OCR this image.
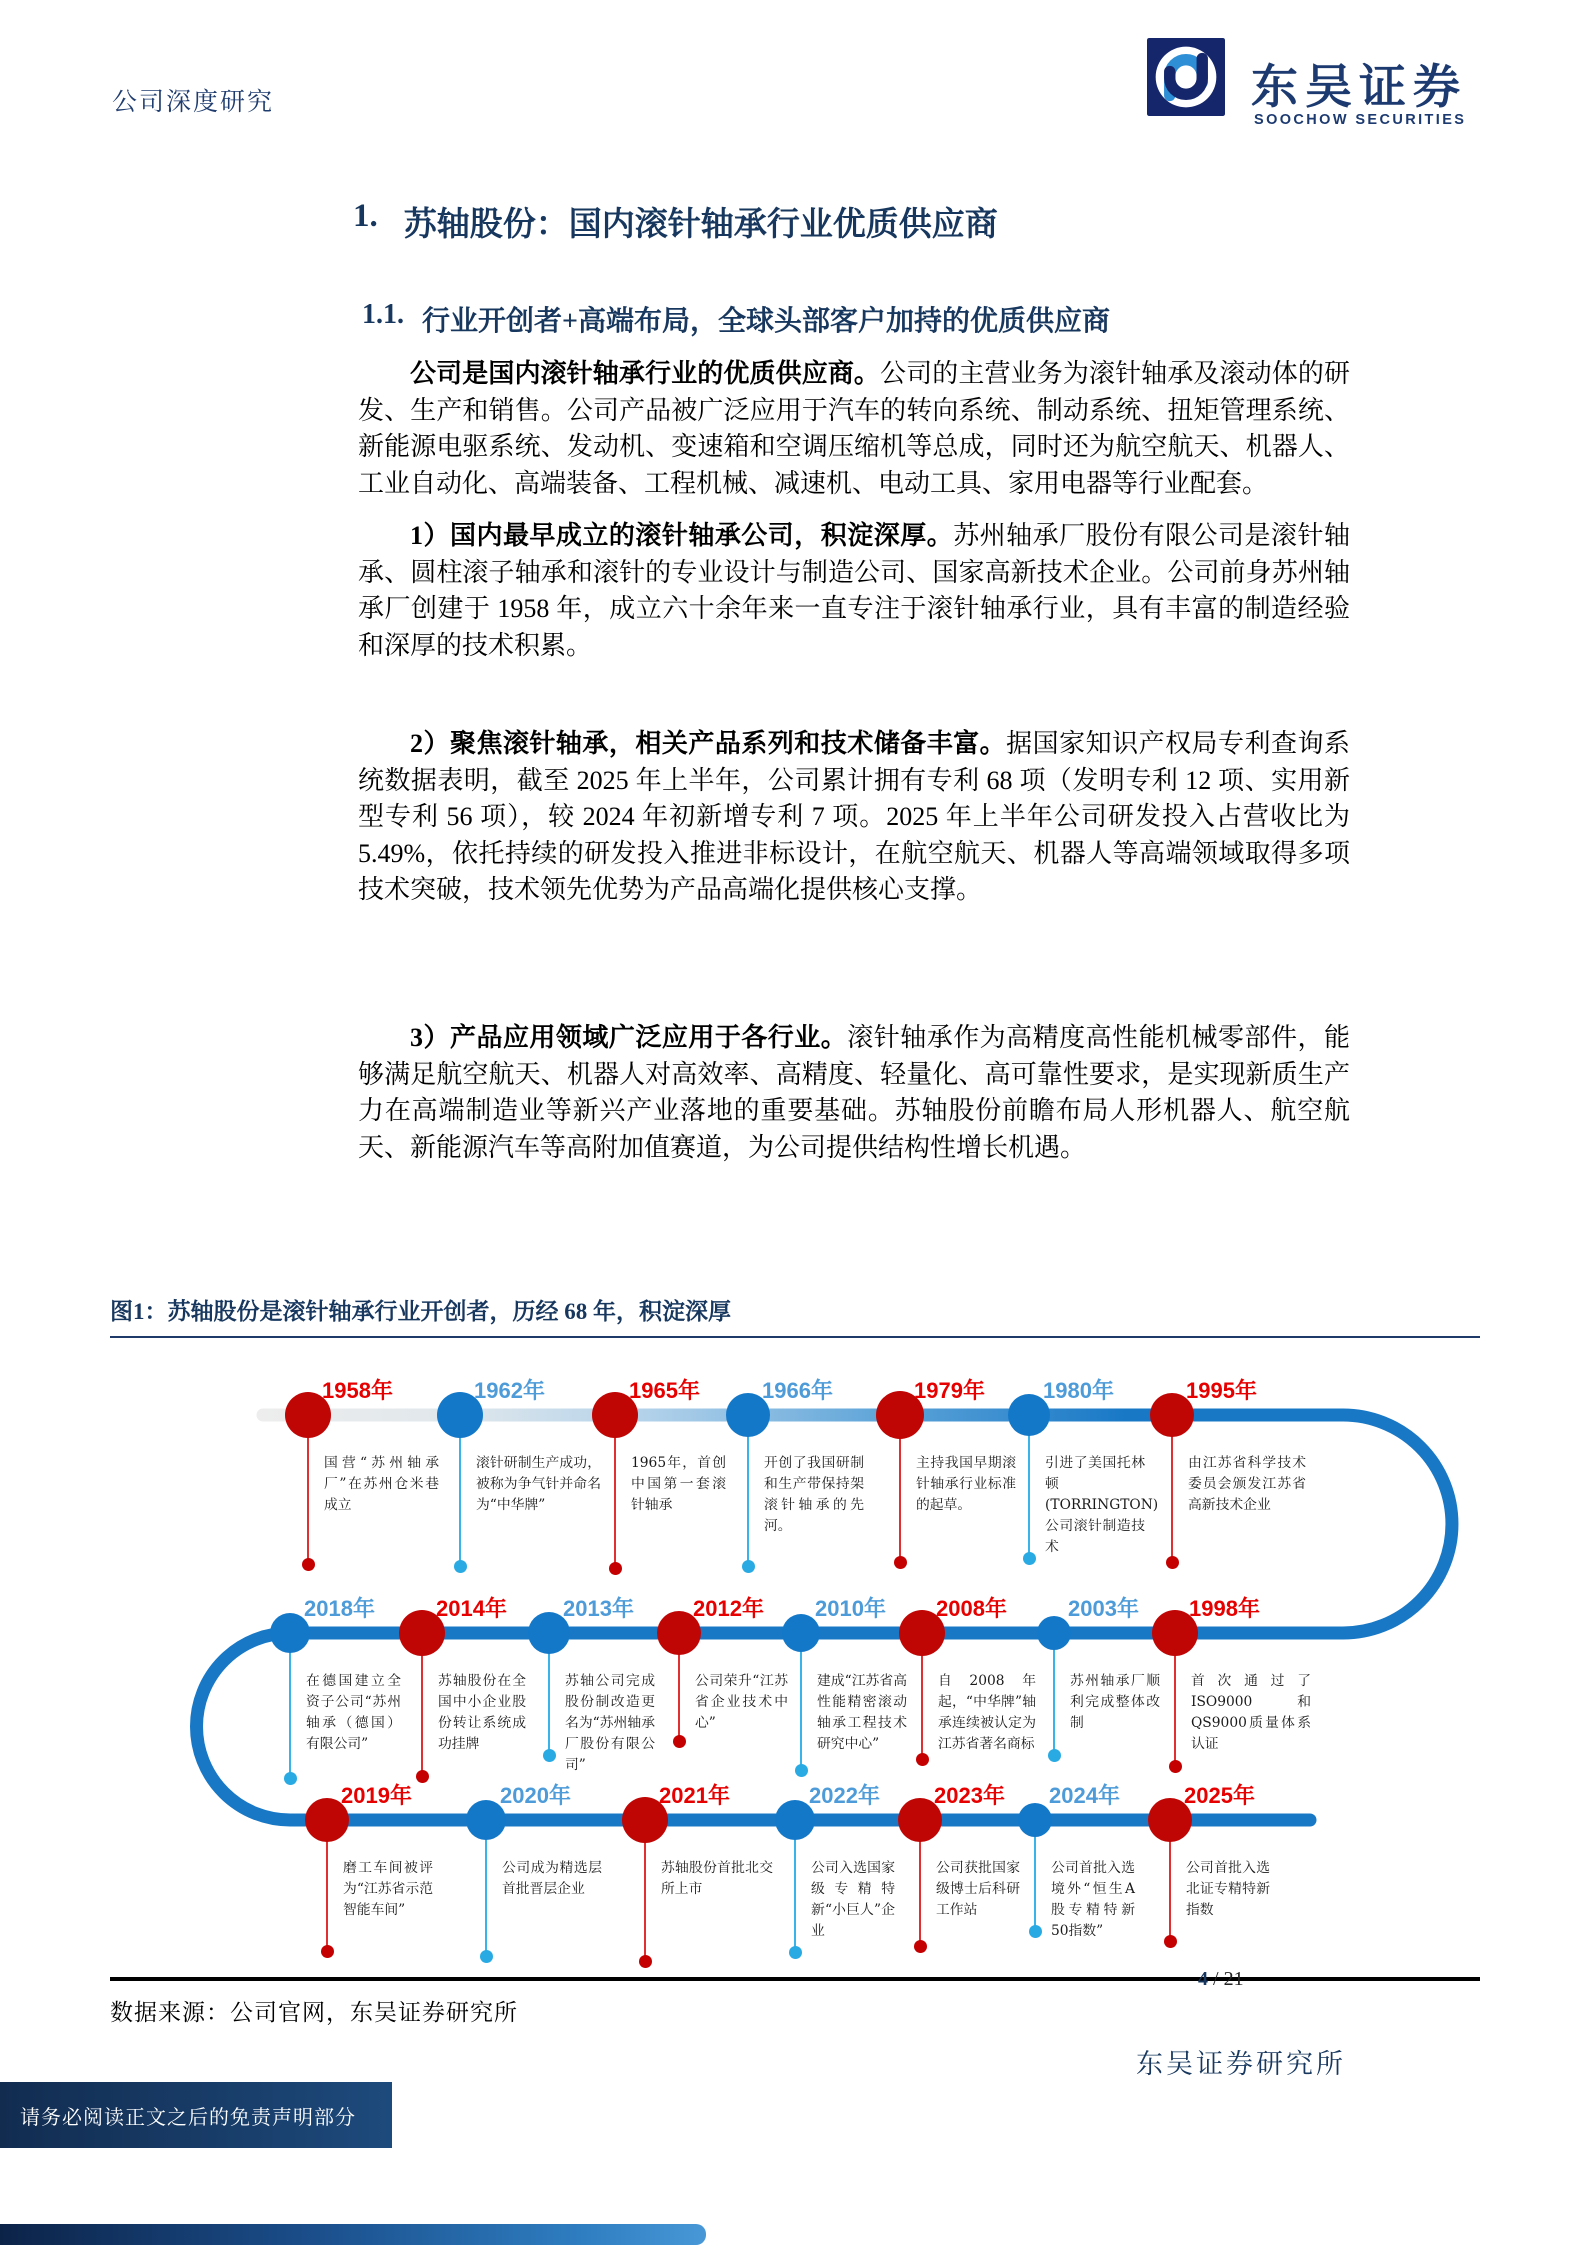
公司深度研究	东吴证券
SOOCHOW SECURITIES
1. 苏轴股份：国内滚针轴承行业优质供应商
1.1. 行业开创者+高端布局，全球头部客户加持的优质供应商

公司是国内滚针轴承行业的优质供应商。公司的主营业务为滚针轴承及滚动体的研发、生产和销售。公司产品被广泛应用于汽车的转向系统、制动系统、扭矩管理系统、新能源电驱系统、发动机、变速箱和空调压缩机等总成，同时还为航空航天、机器人、工业自动化、高端装备、工程机械、减速机、电动工具、家用电器等行业配套。

1）国内最早成立的滚针轴承公司，积淀深厚。苏州轴承厂股份有限公司是滚针轴承、圆柱滚子轴承和滚针的专业设计与制造公司、国家高新技术企业。公司前身苏州轴承厂创建于 1958 年，成立六十余年来一直专注于滚针轴承行业，具有丰富的制造经验和深厚的技术积累。

2）聚焦滚针轴承，相关产品系列和技术储备丰富。据国家知识产权局专利查询系统数据表明，截至 2025 年上半年，公司累计拥有专利 68 项（发明专利 12 项、实用新型专利 56 项），较 2024 年初新增专利 7 项。2025 年上半年公司研发投入占营收比为 5.49%，依托持续的研发投入推进非标设计，在航空航天、机器人等高端领域取得多项技术突破，技术领先优势为产品高端化提供核心支撑。

3）产品应用领域广泛应用于各行业。滚针轴承作为高精度高性能机械零部件，能够满足航空航天、机器人对高效率、高精度、轻量化、高可靠性要求，是实现新质生产力在高端制造业等新兴产业落地的重要基础。苏轴股份前瞻布局人形机器人、航空航天、新能源汽车等高附加值赛道，为公司提供结构性增长机遇。

图1：苏轴股份是滚针轴承行业开创者，历经 68 年，积淀深厚
1958年
国营“苏州轴承厂”在苏州仓米巷成立
1962年
滚针研制生产成功，被称为争气针并命名为“中华牌”
1965年
1965年，首创中国第一套滚针轴承
1966年
开创了我国研制和生产带保持架滚针轴承的先河。
1979年
主持我国早期滚针轴承行业标准的起草。
1980年
引进了美国托林顿(TORRINGTON)公司滚针制造技术
1995年
由江苏省科学技术委员会颁发江苏省高新技术企业
2018年
在德国建立全资子公司“苏州轴承（德国）有限公司”
2014年
苏轴股份在全国中小企业股份转让系统成功挂牌
2013年
苏轴公司完成股份制改造更名为“苏州轴承厂股份有限公司”
2012年
公司荣升“江苏省企业技术中心”
2010年
建成“江苏省高性能精密滚动轴承工程技术研究中心”
2008年
自2008年起，“中华牌”轴承连续被认定为江苏省著名商标
2003年
苏州轴承厂顺利完成整体改制
1998年
首次通过了ISO9000和QS9000质量体系认证
2019年
磨工车间被评为“江苏省示范智能车间”
2020年
公司成为精选层首批晋层企业
2021年
苏轴股份首批北交所上市
2022年
公司入选国家级专精特新“小巨人”企业
2023年
公司获批国家级博士后科研工作站
2024年
公司首批入选境外“恒生A股专精特新50指数”
2025年
公司首批入选北证专精特新指数
数据来源：公司官网，东吴证券研究所
4 / 21
东吴证券研究所
请务必阅读正文之后的免责声明部分
